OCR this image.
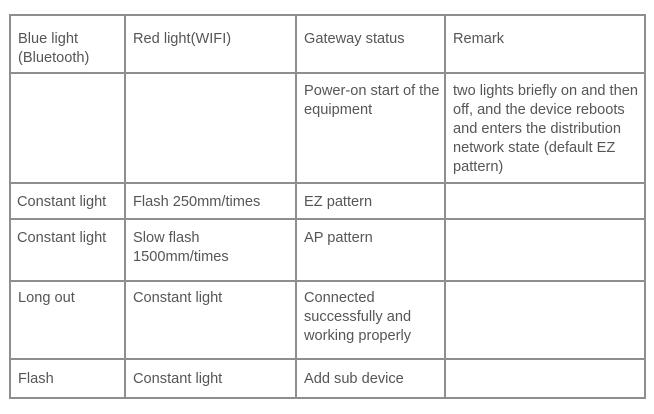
Blue light (Bluetooth)	Red light(WIFI)	Gateway status	Remark
		Power-on start of the equipment	two lights briefly on and then off, and the device reboots and enters the distribution network state (default EZ pattern)
Constant light	Flash 250mm/times	EZ pattern	
Constant light	Slow flash 1500mm/times	AP pattern	
Long out	Constant light	Connected successfully and working properly	
Flash	Constant light	Add sub device	
